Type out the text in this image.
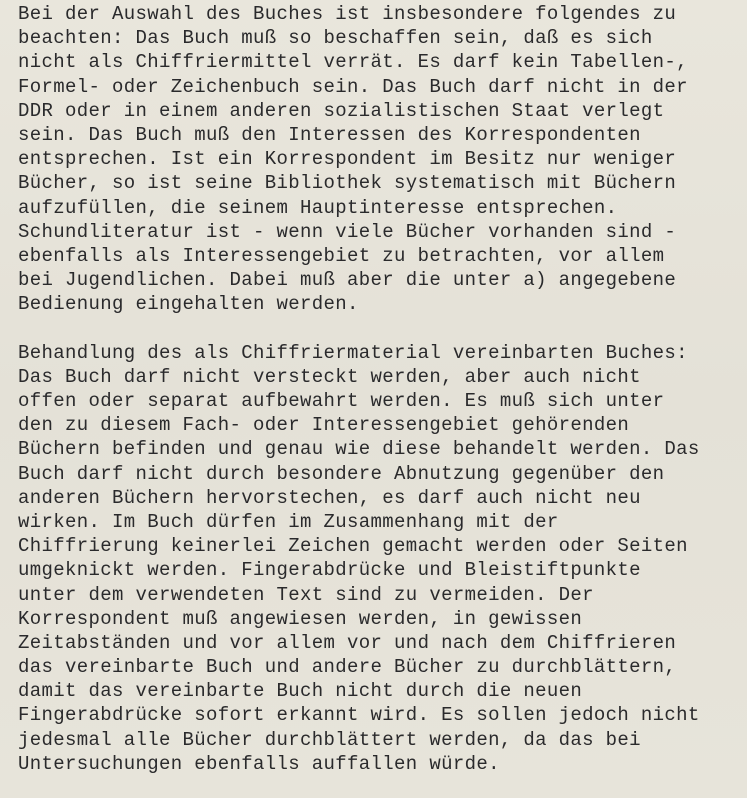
Bei der Auswahl des Buches ist insbesondere folgendes zu
beachten: Das Buch muß so beschaffen sein, daß es sich
nicht als Chiffriermittel verrät. Es darf kein Tabellen-,
Formel- oder Zeichenbuch sein. Das Buch darf nicht in der
DDR oder in einem anderen sozialistischen Staat verlegt
sein. Das Buch muß den Interessen des Korrespondenten
entsprechen. Ist ein Korrespondent im Besitz nur weniger
Bücher, so ist seine Bibliothek systematisch mit Büchern
aufzufüllen, die seinem Hauptinteresse entsprechen.
Schundliteratur ist - wenn viele Bücher vorhanden sind -
ebenfalls als Interessengebiet zu betrachten, vor allem
bei Jugendlichen. Dabei muß aber die unter a) angegebene
Bedienung eingehalten werden.
Behandlung des als Chiffriermaterial vereinbarten Buches:
Das Buch darf nicht versteckt werden, aber auch nicht
offen oder separat aufbewahrt werden. Es muß sich unter
den zu diesem Fach- oder Interessengebiet gehörenden
Büchern befinden und genau wie diese behandelt werden. Das
Buch darf nicht durch besondere Abnutzung gegenüber den
anderen Büchern hervorstechen, es darf auch nicht neu
wirken. Im Buch dürfen im Zusammenhang mit der
Chiffrierung keinerlei Zeichen gemacht werden oder Seiten
umgeknickt werden. Fingerabdrücke und Bleistiftpunkte
unter dem verwendeten Text sind zu vermeiden. Der
Korrespondent muß angewiesen werden, in gewissen
Zeitabständen und vor allem vor und nach dem Chiffrieren
das vereinbarte Buch und andere Bücher zu durchblättern,
damit das vereinbarte Buch nicht durch die neuen
Fingerabdrücke sofort erkannt wird. Es sollen jedoch nicht
jedesmal alle Bücher durchblättert werden, da das bei
Untersuchungen ebenfalls auffallen würde.
